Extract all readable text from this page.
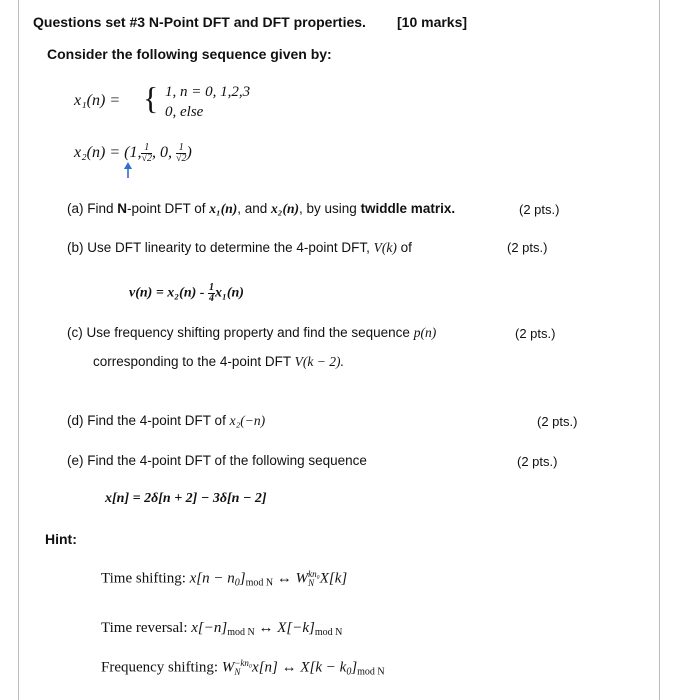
Questions set #3 N-Point DFT and DFT properties. [10 marks]
Consider the following sequence given by:
x₁(n) = { 1, n = 0, 1,2,3
0, else
x₂(n) = (1, $\frac{1}{√2}$ , 0, $\frac{1}{√2}$ )
(a) Find N-point DFT of x₁(n), and x₂(n), by using twiddle matrix.	(2 pts.)
(b) Use DFT linearity to determine the 4-point DFT, V(k) of	(2 pts.)
$v(n) = x_2(n) - \frac{1}{4} x_1(n)$
(c) Use frequency shifting property and find the sequence p(n)	(2 pts.)
corresponding to the 4-point DFT V(k − 2).
(d) Find the 4-point DFT of x₂(−n)	(2 pts.)
(e) Find the 4-point DFT of the following sequence	(2 pts.)
x[n] = 2δ[n + 2] − 3δ[n − 2]
Hint:
Time shifting: $x[n - n_0]_{mod N}$ ↔ W kn₀
N X[k]
Time reversal: $x[-n]_{mod N}$ ↔ $X[-k]_{mod N}$
Frequency shifting: W −kn₀
N x[n] ↔ $X[k - k_0]_{mod N}$
